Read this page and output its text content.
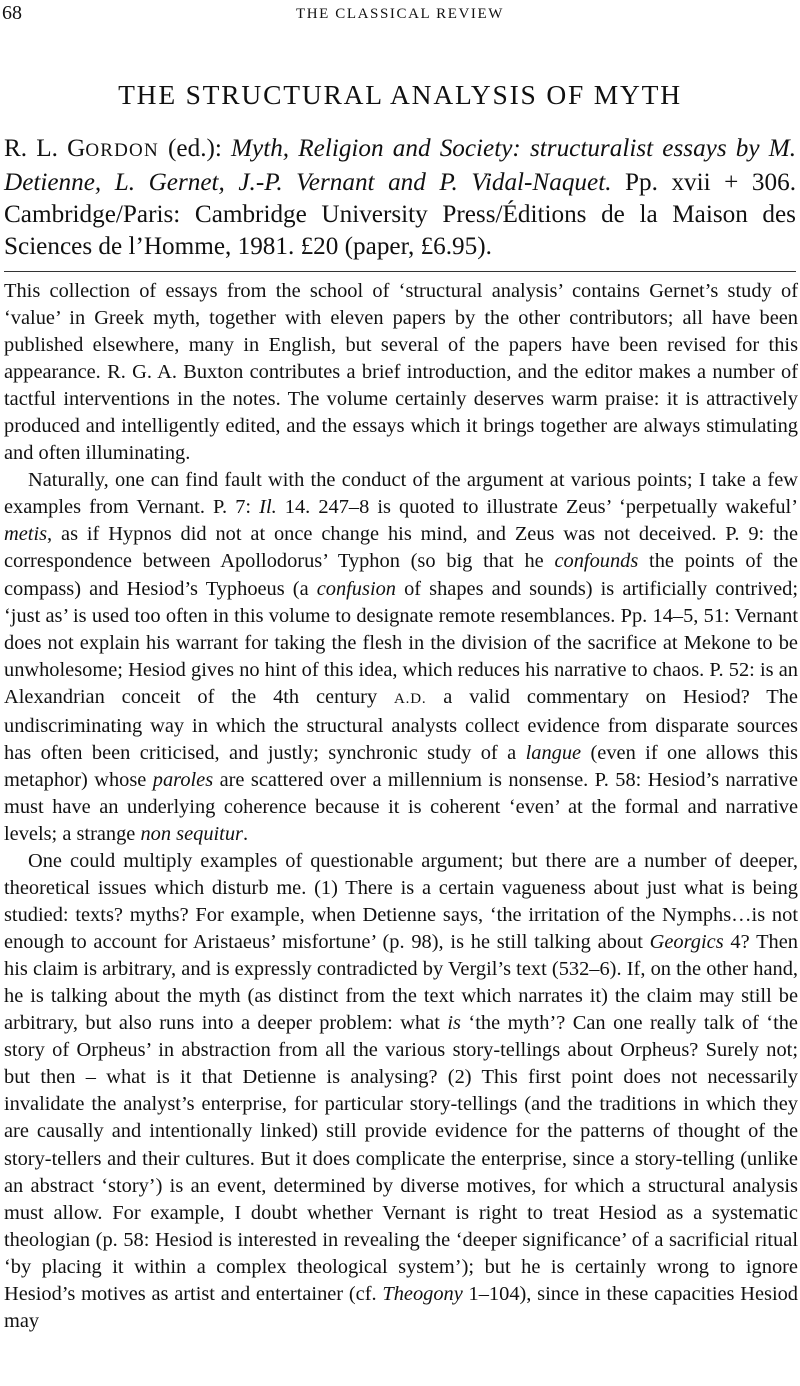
68	THE CLASSICAL REVIEW
THE STRUCTURAL ANALYSIS OF MYTH
R. L. GORDON (ed.): Myth, Religion and Society: structuralist essays by M. Detienne, L. Gernet, J.-P. Vernant and P. Vidal-Naquet. Pp. xvii + 306. Cambridge/Paris: Cambridge University Press/Éditions de la Maison des Sciences de l’Homme, 1981. £20 (paper, £6.95).

This collection of essays from the school of ‘structural analysis’ contains Gernet’s study of ‘value’ in Greek myth, together with eleven papers by the other contributors; all have been published elsewhere, many in English, but several of the papers have been revised for this appearance. R. G. A. Buxton contributes a brief introduction, and the editor makes a number of tactful interventions in the notes. The volume certainly deserves warm praise: it is attractively produced and intelligently edited, and the essays which it brings together are always stimulating and often illuminating.

Naturally, one can find fault with the conduct of the argument at various points; I take a few examples from Vernant. P. 7: Il. 14. 247–8 is quoted to illustrate Zeus’ ‘perpetually wakeful’ metis, as if Hypnos did not at once change his mind, and Zeus was not deceived. P. 9: the correspondence between Apollodorus’ Typhon (so big that he confounds the points of the compass) and Hesiod’s Typhoeus (a confusion of shapes and sounds) is artificially contrived; ‘just as’ is used too often in this volume to designate remote resemblances. Pp. 14–5, 51: Vernant does not explain his warrant for taking the flesh in the division of the sacrifice at Mekone to be unwholesome; Hesiod gives no hint of this idea, which reduces his narrative to chaos. P. 52: is an Alexandrian conceit of the 4th century A.D. a valid commentary on Hesiod? The undiscriminating way in which the structural analysts collect evidence from disparate sources has often been criticised, and justly; synchronic study of a langue (even if one allows this metaphor) whose paroles are scattered over a millennium is nonsense. P. 58: Hesiod’s narrative must have an underlying coherence because it is coherent ‘even’ at the formal and narrative levels; a strange non sequitur.

One could multiply examples of questionable argument; but there are a number of deeper, theoretical issues which disturb me. (1) There is a certain vagueness about just what is being studied: texts? myths? For example, when Detienne says, ‘the irritation of the Nymphs…is not enough to account for Aristaeus’ misfortune’ (p. 98), is he still talking about Georgics 4? Then his claim is arbitrary, and is expressly contradicted by Vergil’s text (532–6). If, on the other hand, he is talking about the myth (as distinct from the text which narrates it) the claim may still be arbitrary, but also runs into a deeper problem: what is ‘the myth’? Can one really talk of ‘the story of Orpheus’ in abstraction from all the various story-tellings about Orpheus? Surely not; but then – what is it that Detienne is analysing? (2) This first point does not necessarily invalidate the analyst’s enterprise, for particular story-tellings (and the traditions in which they are causally and intentionally linked) still provide evidence for the patterns of thought of the story-tellers and their cultures. But it does complicate the enterprise, since a story-telling (unlike an abstract ‘story’) is an event, determined by diverse motives, for which a structural analysis must allow. For example, I doubt whether Vernant is right to treat Hesiod as a systematic theologian (p. 58: Hesiod is interested in revealing the ‘deeper significance’ of a sacrificial ritual ‘by placing it within a complex theological system’); but he is certainly wrong to ignore Hesiod’s motives as artist and entertainer (cf. Theogony 1–104), since in these capacities Hesiod may
